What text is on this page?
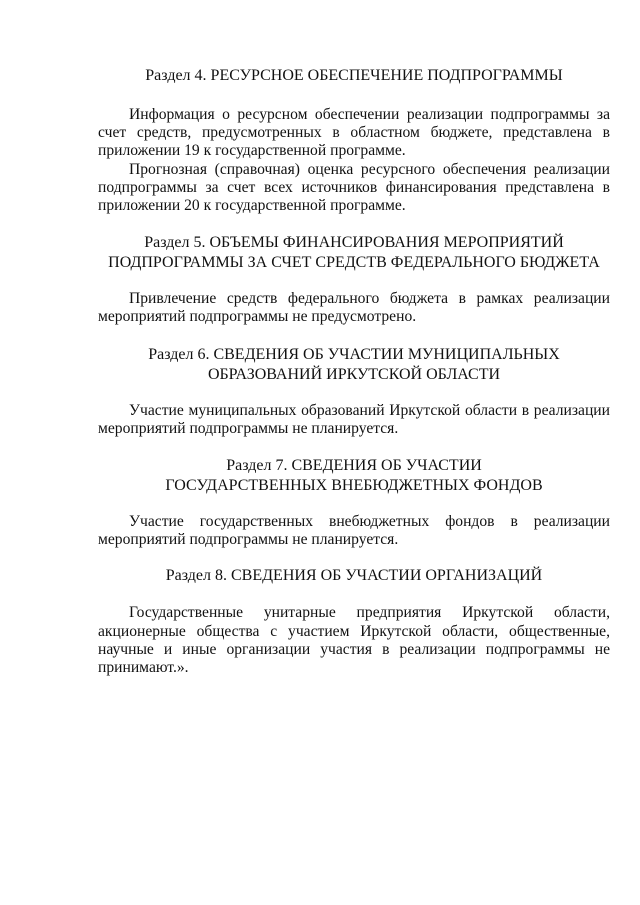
Раздел 4. РЕСУРСНОЕ ОБЕСПЕЧЕНИЕ ПОДПРОГРАММЫ

Информация о ресурсном обеспечении реализации подпрограммы за счет средств, предусмотренных в областном бюджете, представлена в приложении 19 к государственной программе.

Прогнозная (справочная) оценка ресурсного обеспечения реализации подпрограммы за счет всех источников финансирования представлена в приложении 20 к государственной программе.

Раздел 5. ОБЪЕМЫ ФИНАНСИРОВАНИЯ МЕРОПРИЯТИЙ
ПОДПРОГРАММЫ ЗА СЧЕТ СРЕДСТВ ФЕДЕРАЛЬНОГО БЮДЖЕТА

Привлечение средств федерального бюджета в рамках реализации мероприятий подпрограммы не предусмотрено.

Раздел 6. СВЕДЕНИЯ ОБ УЧАСТИИ МУНИЦИПАЛЬНЫХ
ОБРАЗОВАНИЙ ИРКУТСКОЙ ОБЛАСТИ

Участие муниципальных образований Иркутской области в реализации мероприятий подпрограммы не планируется.

Раздел 7. СВЕДЕНИЯ ОБ УЧАСТИИ
ГОСУДАРСТВЕННЫХ ВНЕБЮДЖЕТНЫХ ФОНДОВ

Участие государственных внебюджетных фондов в реализации мероприятий подпрограммы не планируется.

Раздел 8. СВЕДЕНИЯ ОБ УЧАСТИИ ОРГАНИЗАЦИЙ

Государственные унитарные предприятия Иркутской области, акционерные общества с участием Иркутской области, общественные, научные и иные организации участия в реализации подпрограммы не принимают.».
